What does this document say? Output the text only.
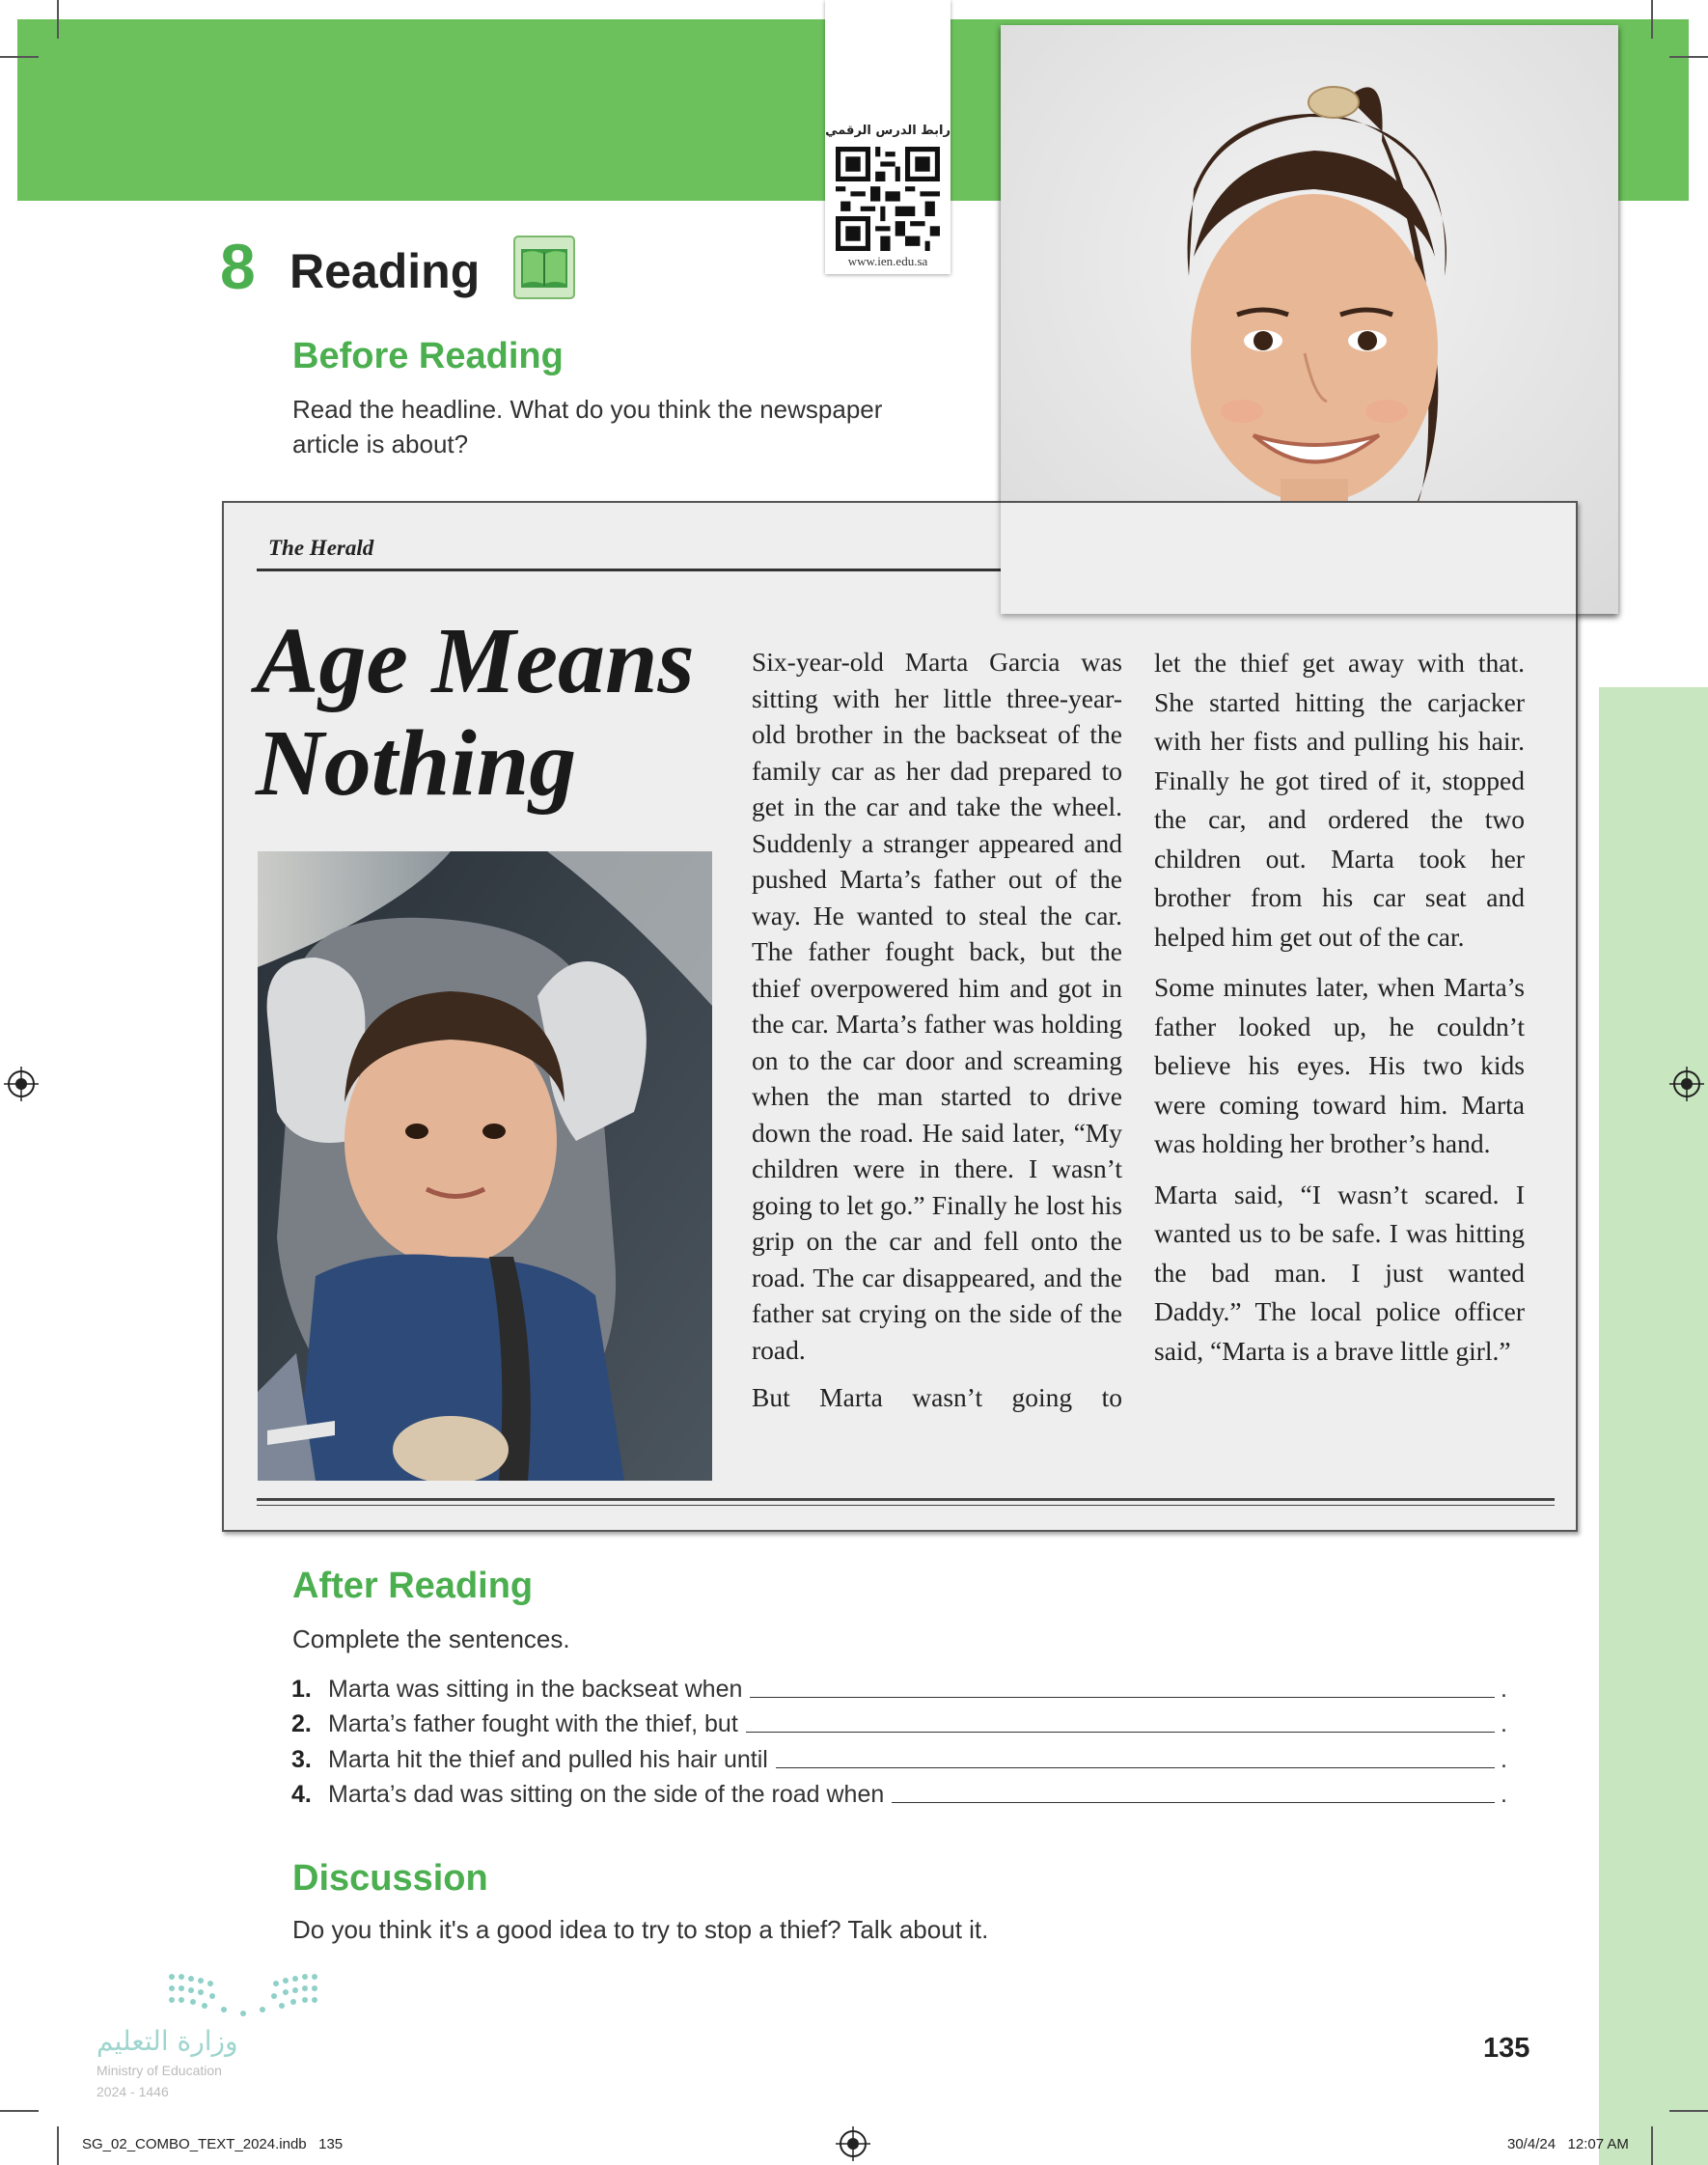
رابط الدرس الرقمي
www.ien.edu.sa
8 Reading
Before Reading
Read the headline. What do you think the newspaper
article is about?
The Herald
Age Means
Nothing

Six-year-old Marta Garcia was sitting with her little three-year-old brother in the backseat of the family car as her dad prepared to get in the car and take the wheel. Suddenly a stranger appeared and pushed Marta’s father out of the way. He wanted to steal the car. The father fought back, but the thief overpowered him and got in the car. Marta’s father was holding on to the car door and screaming when the man started to drive down the road. He said later, “My children were in there. I wasn’t going to let go.” Finally he lost his grip on the car and fell onto the road. The car disappeared, and the father sat crying on the side of the road.

But Marta wasn’t going to

let the thief get away with that. She started hitting the carjacker with her fists and pulling his hair. Finally he got tired of it, stopped the car, and ordered the two children out. Marta took her brother from his car seat and helped him get out of the car.

Some minutes later, when Marta’s father looked up, he couldn’t believe his eyes. His two kids were coming toward him. Marta was holding her brother’s hand.

Marta said, “I wasn’t scared. I wanted us to be safe. I was hitting the bad man. I just wanted Daddy.” The local police officer said, “Marta is a brave little girl.”

After Reading
Complete the sentences.
1. Marta was sitting in the backseat when	.
2. Marta’s father fought with the thief, but	.
3. Marta hit the thief and pulled his hair until	.
4. Marta’s dad was sitting on the side of the road when	.
Discussion
Do you think it's a good idea to try to stop a thief? Talk about it.
وزارة التعليم
Ministry of Education
2024 - 1446
135
SG_02_COMBO_TEXT_2024.indb   135	30/4/24   12:07 AM
